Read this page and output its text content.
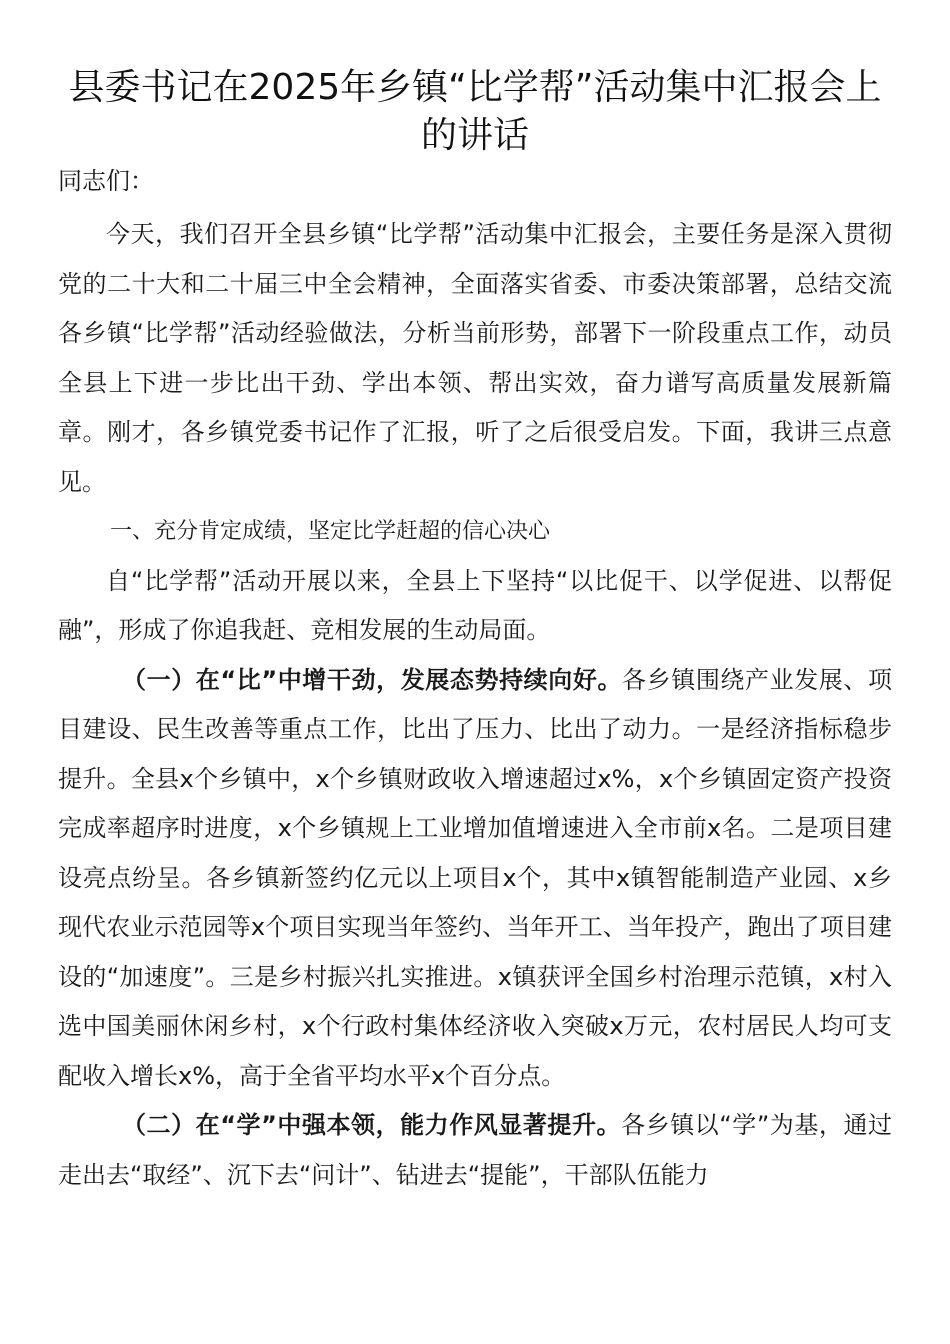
县委书记在2025年乡镇“比学帮”活动集中汇报会上的讲话

同志们：

今天，我们召开全县乡镇“比学帮”活动集中汇报会，主要任务是深入贯彻党的二十大和二十届三中全会精神，全面落实省委、市委决策部署，总结交流各乡镇“比学帮”活动经验做法，分析当前形势，部署下一阶段重点工作，动员全县上下进一步比出干劲、学出本领、帮出实效，奋力谱写高质量发展新篇章。刚才，各乡镇党委书记作了汇报，听了之后很受启发。下面，我讲三点意见。

一、充分肯定成绩，坚定比学赶超的信心决心

自“比学帮”活动开展以来，全县上下坚持“以比促干、以学促进、以帮促融”，形成了你追我赶、竞相发展的生动局面。

（一）在“比”中增干劲，发展态势持续向好。各乡镇围绕产业发展、项目建设、民生改善等重点工作，比出了压力、比出了动力。一是经济指标稳步提升。全县x个乡镇中，x个乡镇财政收入增速超过x%，x个乡镇固定资产投资完成率超序时进度，x个乡镇规上工业增加值增速进入全市前x名。二是项目建设亮点纷呈。各乡镇新签约亿元以上项目x个，其中x镇智能制造产业园、x乡现代农业示范园等x个项目实现当年签约、当年开工、当年投产，跑出了项目建设的“加速度”。三是乡村振兴扎实推进。x镇获评全国乡村治理示范镇，x村入选中国美丽休闲乡村，x个行政村集体经济收入突破x万元，农村居民人均可支配收入增长x%，高于全省平均水平x个百分点。

（二）在“学”中强本领，能力作风显著提升。各乡镇以“学”为基，通过走出去“取经”、沉下去“问计”、钻进去“提能”，干部队伍能力
